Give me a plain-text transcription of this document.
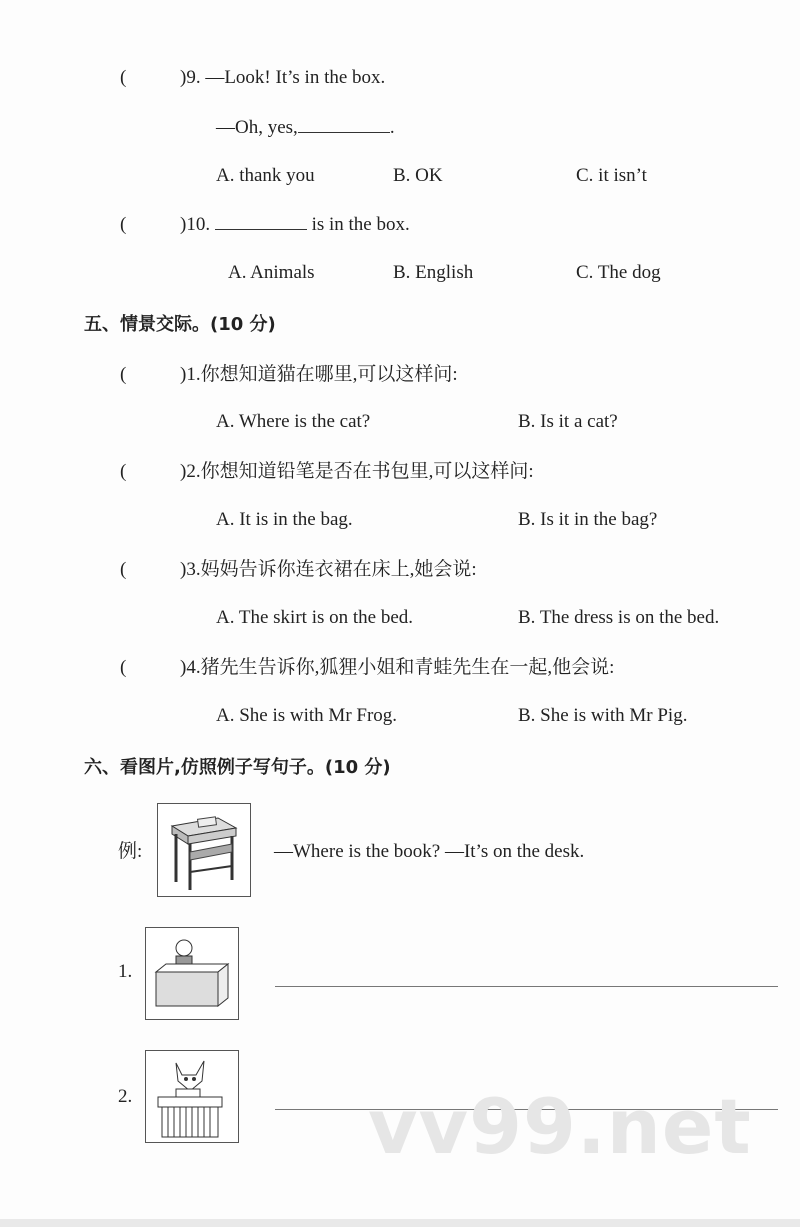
(	)9. —Look! It’s in the box.
—Oh, yes,	.
A. thank you	B. OK	C. it isn’t
(	)10.	is in the box.
A. Animals	B. English	C. The dog
五、情景交际。(10 分)
(	)1.你想知道猫在哪里,可以这样问:
A. Where is the cat?	B. Is it a cat?
(	)2.你想知道铅笔是否在书包里,可以这样问:
A. It is in the bag.	B. Is it in the bag?
(	)3.妈妈告诉你连衣裙在床上,她会说:
A. The skirt is on the bed.	B. The dress is on the bed.
(	)4.猪先生告诉你,狐狸小姐和青蛙先生在一起,他会说:
A. She is with Mr Frog.	B. She is with Mr Pig.
六、看图片,仿照例子写句子。(10 分)
例:	—Where is the book? —It’s on the desk.
1.
2.	vv99.net
